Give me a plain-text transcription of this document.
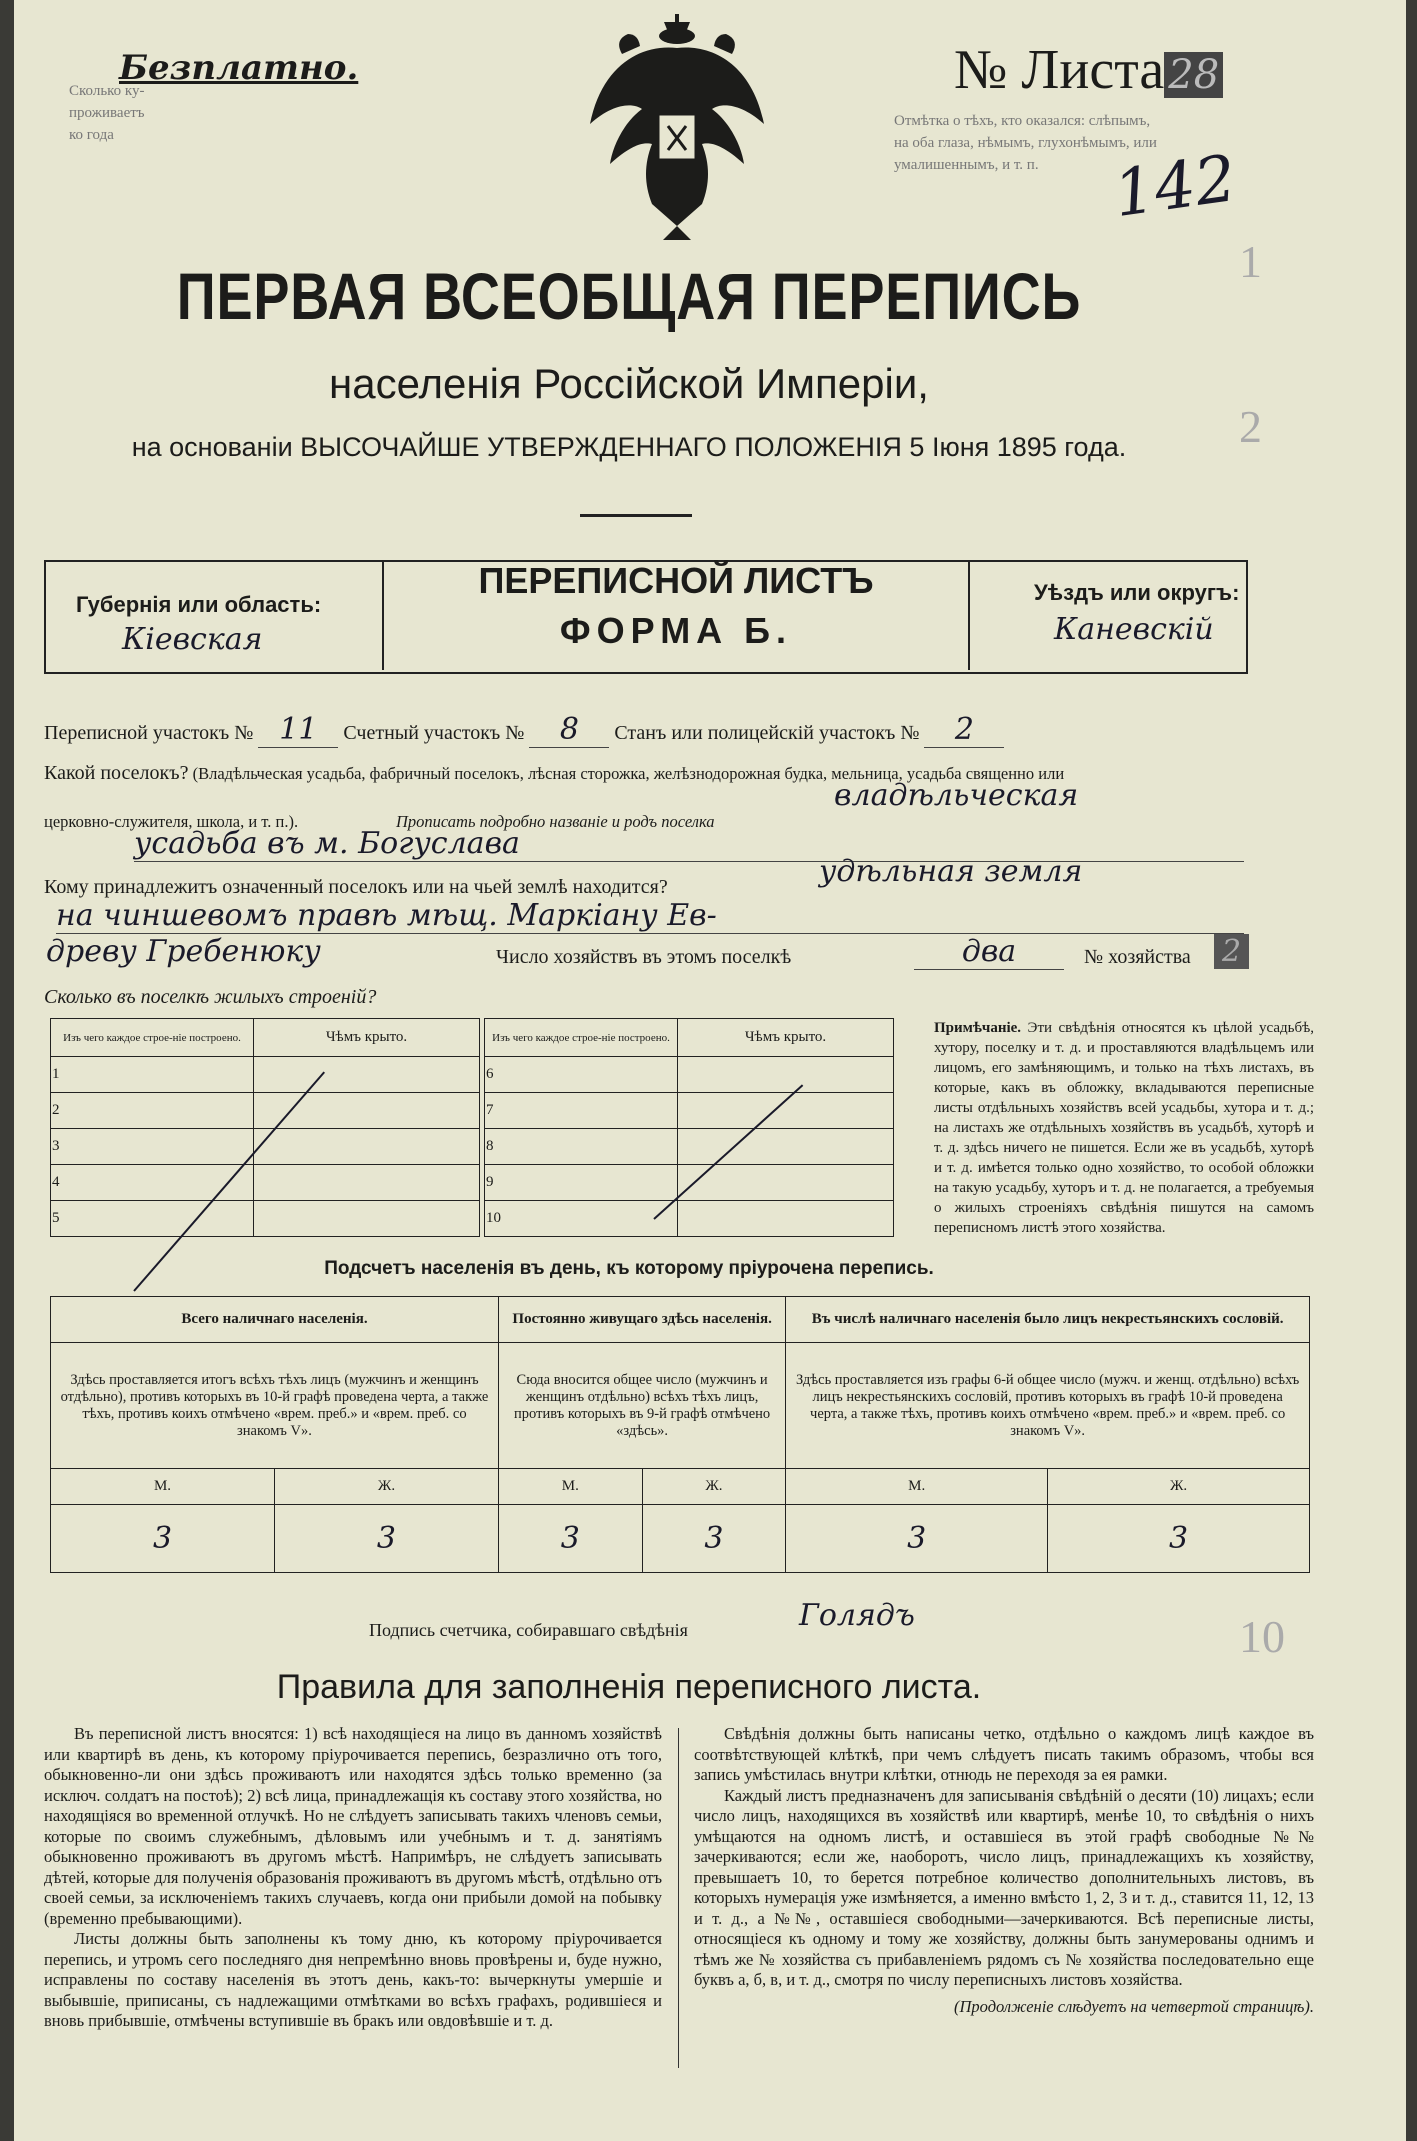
Сколько ку-
проживаетъ
ко года
Отмѣтка о тѣхъ, кто оказался: слѣпымъ,
на оба глаза, нѣмымъ, глухонѣмымъ, или
умалишеннымъ, и т. п.
1
2
10
Безплатно.	№ Листа 28
142
ПЕРВАЯ ВСЕОБЩАЯ ПЕРЕПИСЬ
населенія Россійской Имперіи,
на основаніи ВЫСОЧАЙШЕ УТВЕРЖДЕННАГО ПОЛОЖЕНІЯ 5 Іюня 1895 года.
Губернія или область:
Кіевская
ПЕРЕПИСНОЙ ЛИСТЪ
ФОРМА Б.
Уѣздъ или округъ:
Каневскій
Переписной участокъ № 11 Счетный участокъ № 8 Станъ или полицейскій участокъ № 2
Какой поселокъ? (Владѣльческая усадьба, фабричный поселокъ, лѣсная сторожка, желѣзнодорожная будка, мельница, усадьба священно или
церковно-служителя, школа, и т. п.).	Прописать подробно названіе и родъ поселка
владѣльческая
усадьба въ м. Богуслава
Кому принадлежитъ означенный поселокъ или на чьей землѣ находится?	удѣльная земля
на чиншевомъ правѣ мѣщ. Маркіану Ев-
древу Гребенюку	Число хозяйствъ въ этомъ поселкѣ	два	№ хозяйства 2
Сколько въ поселкѣ жилыхъ строеній?
Изъ чего каждое строе-ніе построено.	Чѣмъ крыто.
1	
2	
3	
4	
5	
Изъ чего каждое строе-ніе построено.	Чѣмъ крыто.
6	
7	
8	
9	
10	
Примѣчаніе. Эти свѣдѣнія относятся къ цѣлой усадьбѣ, хутору, поселку и т. д. и проставляются владѣльцемъ или лицомъ, его замѣняющимъ, и только на тѣхъ листахъ, въ которые, какъ въ обложку, вкладываются переписные листы отдѣльныхъ хозяйствъ всей усадьбы, хутора и т. д.; на листахъ же отдѣльныхъ хозяйствъ въ усадьбѣ, хуторѣ и т. д. здѣсь ничего не пишется. Если же въ усадьбѣ, хуторѣ и т. д. имѣется только одно хозяйство, то особой обложки на такую усадьбу, хуторъ и т. д. не полагается, а требуемыя о жилыхъ строеніяхъ свѣдѣнія пишутся на самомъ переписномъ листѣ этого хозяйства.
Подсчетъ населенія въ день, къ которому пріурочена перепись.
Всего наличнаго населенія.		Постоянно живущаго здѣсь населенія.		Въ числѣ наличнаго населенія было лицъ некрестьянскихъ сословій.	
Здѣсь проставляется итогъ всѣхъ тѣхъ лицъ (мужчинъ и женщинъ отдѣльно), противъ которыхъ въ 10-й графѣ проведена черта, а также тѣхъ, противъ коихъ отмѣчено «врем. преб.» и «врем. преб. со знакомъ V».		Сюда вносится общее число (мужчинъ и женщинъ отдѣльно) всѣхъ тѣхъ лицъ, противъ которыхъ въ 9-й графѣ отмѣчено «здѣсь».		Здѣсь проставляется изъ графы 6-й общее число (мужч. и женщ. отдѣльно) всѣхъ лицъ некрестьянскихъ сословій, противъ которыхъ въ графѣ 10-й проведена черта, а также тѣхъ, противъ коихъ отмѣчено «врем. преб.» и «врем. преб. со знакомъ V».	
М.	Ж.	М.	Ж.	М.	Ж.
3	3	3	3	3	3
Подпись счетчика, собиравшаго свѣдѣнія	Голядъ
Правила для заполненія переписного листа.
Въ переписной листъ вносятся: 1) всѣ находящіеся на лицо въ данномъ хозяйствѣ или квартирѣ въ день, къ которому пріурочивается перепись, безразлично отъ того, обыкновенно-ли они здѣсь проживаютъ или находятся здѣсь только временно (за исключ. солдатъ на постоѣ); 2) всѣ лица, принадлежащія къ составу этого хозяйства, но находящіяся во временной отлучкѣ. Но не слѣдуетъ записывать такихъ членовъ семьи, которые по своимъ служебнымъ, дѣловымъ или учебнымъ и т. д. занятіямъ обыкновенно проживаютъ въ другомъ мѣстѣ. Напримѣръ, не слѣдуетъ записывать дѣтей, которые для полученія образованія проживаютъ въ другомъ мѣстѣ, отдѣльно отъ своей семьи, за исключеніемъ такихъ случаевъ, когда они прибыли домой на побывку (временно пребывающими).
Листы должны быть заполнены къ тому дню, къ которому пріурочивается перепись, и утромъ сего последняго дня непремѣнно вновь провѣрены и, буде нужно, исправлены по составу населенія въ этотъ день, какъ-то: вычеркнуты умершіе и выбывшіе, приписаны, съ надлежащими отмѣтками во всѣхъ графахъ, родившіеся и вновь прибывшіе, отмѣчены вступившіе въ бракъ или овдовѣвшіе и т. д.
Свѣдѣнія должны быть написаны четко, отдѣльно о каждомъ лицѣ каждое въ соотвѣтствующей клѣткѣ, при чемъ слѣдуетъ писать такимъ образомъ, чтобы вся запись умѣстилась внутри клѣтки, отнюдь не переходя за ея рамки.
Каждый листъ предназначенъ для записыванія свѣдѣній о десяти (10) лицахъ; если число лицъ, находящихся въ хозяйствѣ или квартирѣ, менѣе 10, то свѣдѣнія о нихъ умѣщаются на одномъ листѣ, и оставшіеся въ этой графѣ свободные №№ зачеркиваются; если же, наоборотъ, число лицъ, принадлежащихъ къ хозяйству, превышаетъ 10, то берется потребное количество дополнительныхъ листовъ, въ которыхъ нумерація уже измѣняется, а именно вмѣсто 1, 2, 3 и т. д., ставится 11, 12, 13 и т. д., а №№, оставшіеся свободными—зачеркиваются. Всѣ переписные листы, относящіеся къ одному и тому же хозяйству, должны быть занумерованы однимъ и тѣмъ же № хозяйства съ прибавленіемъ рядомъ съ № хозяйства последовательно еще буквъ а, б, в, и т. д., смотря по числу переписныхъ листовъ хозяйства.
(Продолженіе слѣдуетъ на четвертой страницѣ).
